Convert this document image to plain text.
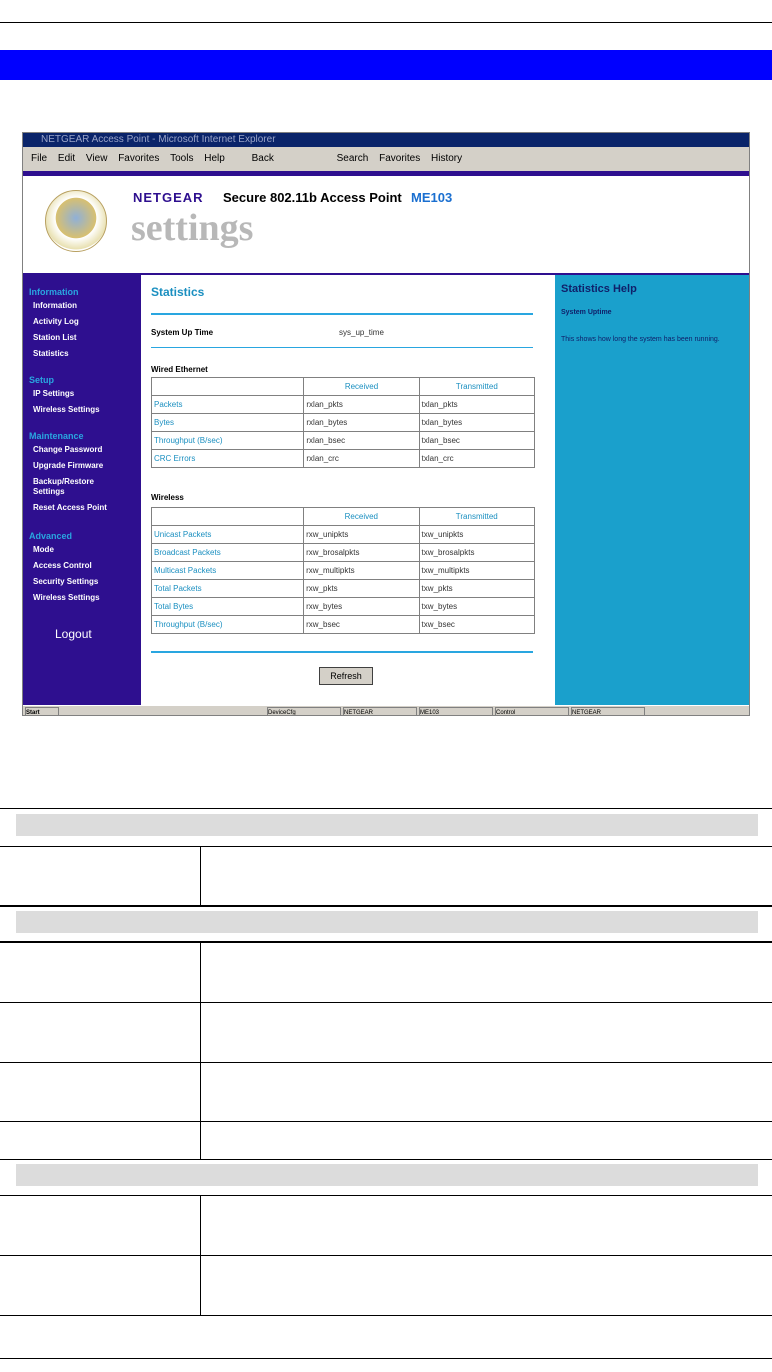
NETGEAR Access Point - Microsoft Internet Explorer
File Edit View Favorites Tools Help	Back	Search Favorites History
NETGEAR Secure 802.11b Access Point ME103
settings
Information
Information
Activity Log
Station List
Statistics
Setup
IP Settings
Wireless Settings
Maintenance
Change Password
Upgrade Firmware
Backup/Restore Settings
Reset Access Point
Advanced
Mode
Access Control
Security Settings
Wireless Settings
Logout
Statistics
System Up Time	sys_up_time
Wired Ethernet
	Received	Transmitted
Packets	rxlan_pkts	txlan_pkts
Bytes	rxlan_bytes	txlan_bytes
Throughput (B/sec)	rxlan_bsec	txlan_bsec
CRC Errors	rxlan_crc	txlan_crc
Wireless
	Received	Transmitted
Unicast Packets	rxw_unipkts	txw_unipkts
Broadcast Packets	rxw_brosalpkts	txw_brosalpkts
Multicast Packets	rxw_multipkts	txw_multipkts
Total Packets	rxw_pkts	txw_pkts
Total Bytes	rxw_bytes	txw_bytes
Throughput (B/sec)	rxw_bsec	txw_bsec
Refresh
Statistics Help
System Uptime
This shows how long the system has been running.
Start	DeviceCfg	NETGEAR	ME103	Control	NETGEAR
